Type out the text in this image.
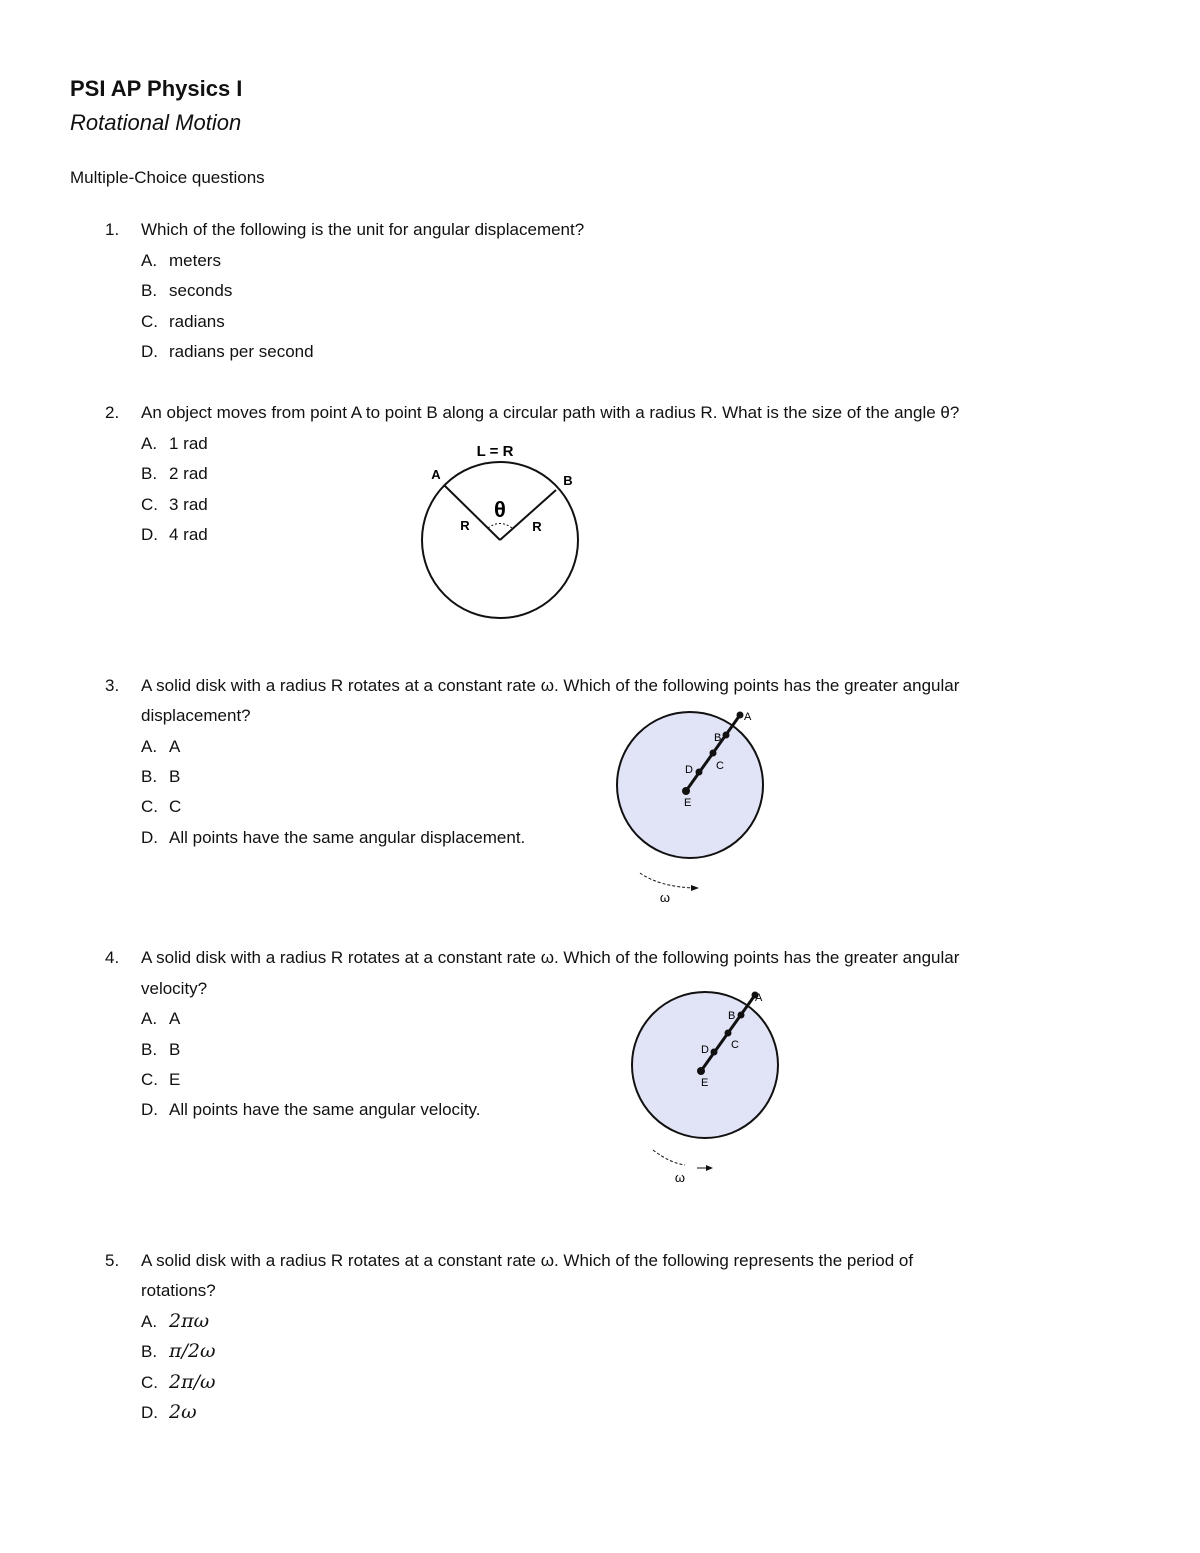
PSI AP Physics I
Rotational Motion
Multiple-Choice questions
1. Which of the following is the unit for angular displacement?
A. meters
B. seconds
C. radians
D. radians per second
2. An object moves from point A to point B along a circular path with a radius R. What is the size of the angle θ?
A. 1 rad
B. 2 rad
C. 3 rad
D. 4 rad
L = R
A	B
R	R
θ
3. A solid disk with a radius R rotates at a constant rate ω. Which of the following points has the greater angular
displacement?
A. A
B. B
C. C
D. All points have the same angular displacement.
A
B
C
D
E
ω
4. A solid disk with a radius R rotates at a constant rate ω. Which of the following points has the greater angular
velocity?
A. A
B. B
C. E
D. All points have the same angular velocity.
A
B
C
D
E
ω
5. A solid disk with a radius R rotates at a constant rate ω. Which of the following represents the period of
rotations?
A. 2πω
B. π/2ω
C. 2π/ω
D. 2ω
